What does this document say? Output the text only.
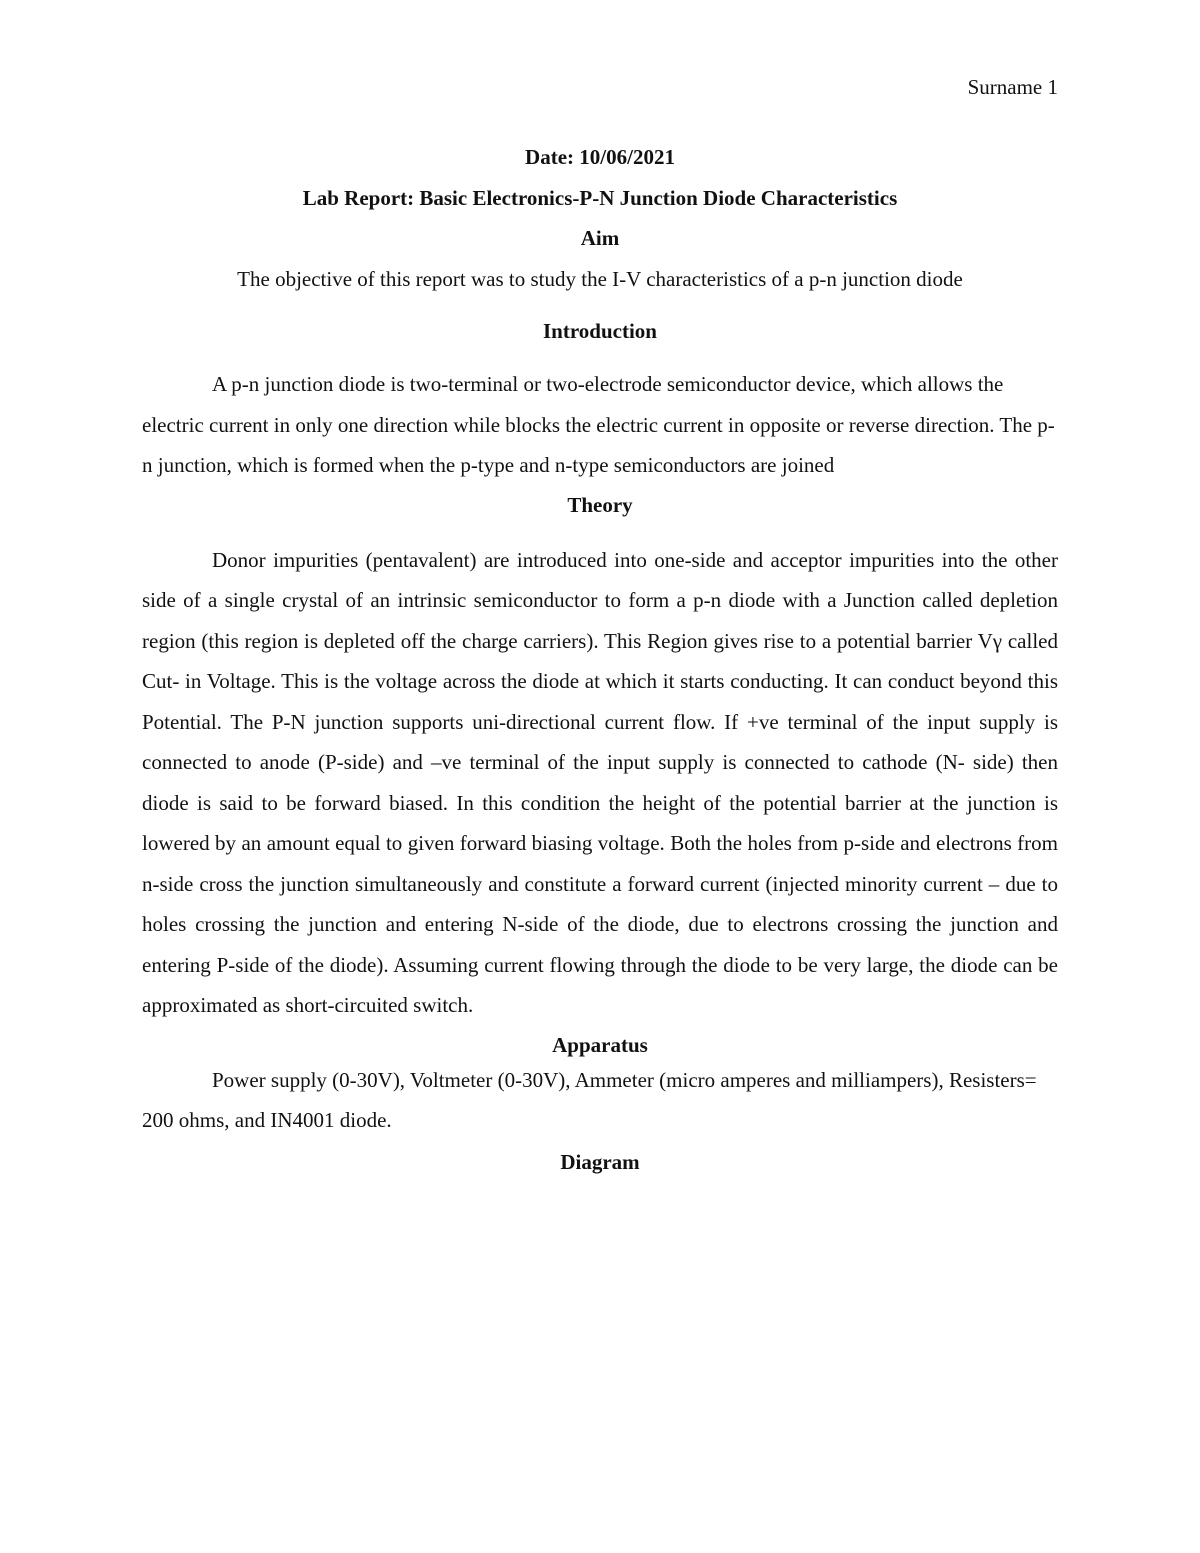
Surname 1

Date: 10/06/2021

Lab Report: Basic Electronics-P-N Junction Diode Characteristics

Aim

The objective of this report was to study the I-V characteristics of a p-n junction diode

Introduction

A p-n junction diode is two-terminal or two-electrode semiconductor device, which allows the electric current in only one direction while blocks the electric current in opposite or reverse direction. The p-n junction, which is formed when the p-type and n-type semiconductors are joined

Theory

Donor impurities (pentavalent) are introduced into one-side and acceptor impurities into the other side of a single crystal of an intrinsic semiconductor to form a p-n diode with a Junction called depletion region (this region is depleted off the charge carriers). This Region gives rise to a potential barrier Vγ called Cut- in Voltage. This is the voltage across the diode at which it starts conducting. It can conduct beyond this Potential. The P-N junction supports uni-directional current flow. If +ve terminal of the input supply is connected to anode (P-side) and –ve terminal of the input supply is connected to cathode (N- side) then diode is said to be forward biased. In this condition the height of the potential barrier at the junction is lowered by an amount equal to given forward biasing voltage. Both the holes from p-side and electrons from n-side cross the junction simultaneously and constitute a forward current (injected minority current – due to holes crossing the junction and entering N-side of the diode, due to electrons crossing the junction and entering P-side of the diode). Assuming current flowing through the diode to be very large, the diode can be approximated as short-circuited switch.

Apparatus

Power supply (0-30V), Voltmeter (0-30V), Ammeter (micro amperes and milliampers), Resisters= 200 ohms, and IN4001 diode.

Diagram
